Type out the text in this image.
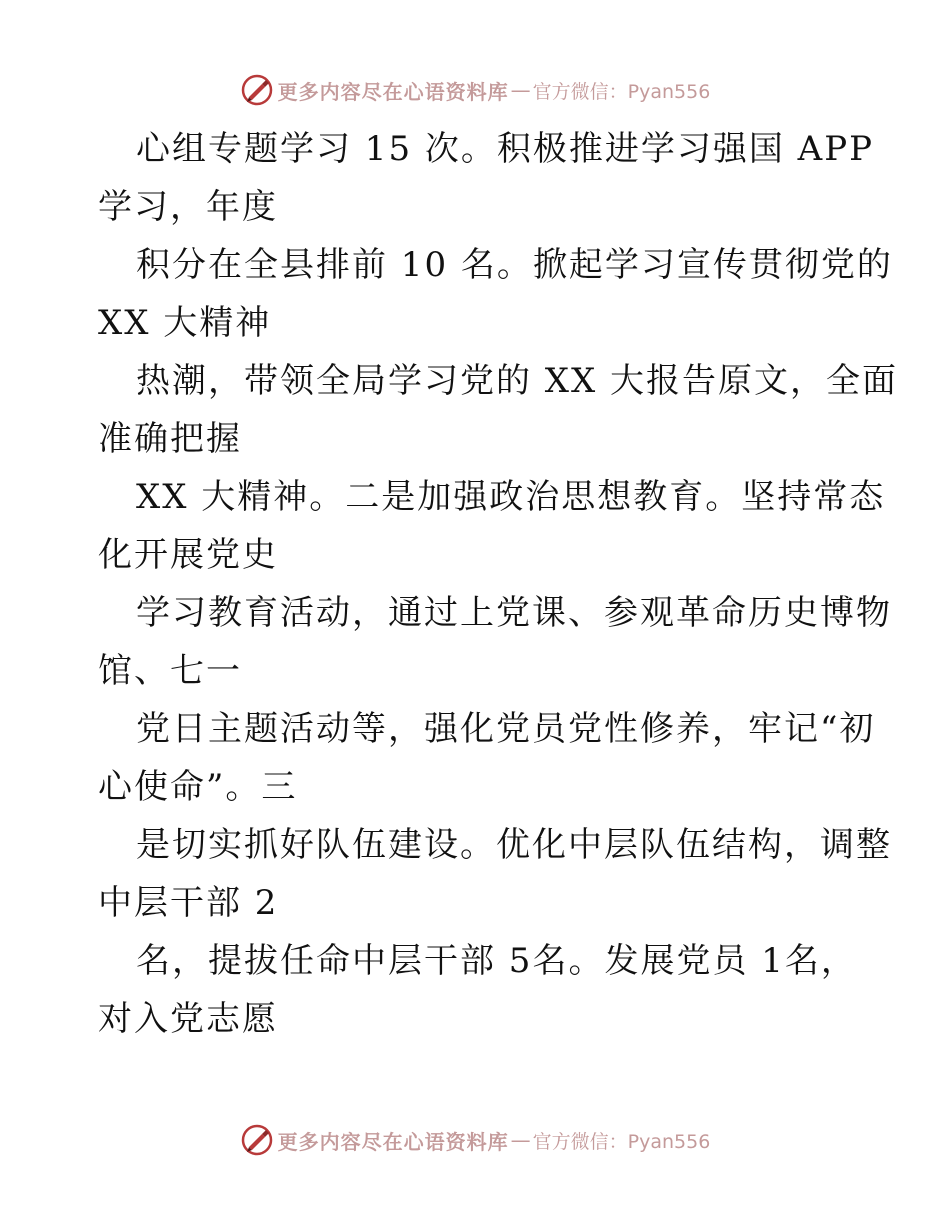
更多内容尽在心语资料库 — 官方微信：Pyan556
心组专题学习 15 次。积极推进学习强国 APP
学习，年度
积分在全县排前 10 名。掀起学习宣传贯彻党的
XX 大精神
热潮，带领全局学习党的 XX 大报告原文，全面
准确把握
XX 大精神。二是加强政治思想教育。坚持常态
化开展党史
学习教育活动，通过上党课、参观革命历史博物
馆、七一
党日主题活动等，强化党员党性修养，牢记“初
心使命”。三
是切实抓好队伍建设。优化中层队伍结构，调整
中层干部 2
名，提拔任命中层干部 5名。发展党员 1名，
对入党志愿
更多内容尽在心语资料库 — 官方微信：Pyan556
